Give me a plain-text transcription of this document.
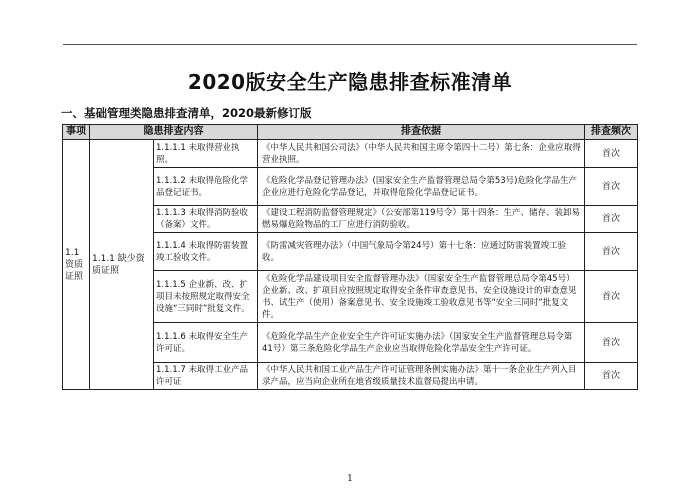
2020版安全生产隐患排查标准清单
一、基础管理类隐患排查清单，2020最新修订版
事项	隐患排查内容		排查依据	排查频次
1.1 资质证照	1.1.1 缺少资质证照	1.1.1.1 未取得营业执照。	《中华人民共和国公司法》（中华人民共和国主席令第四十二号）第七条：企业应取得营业执照。	首次
		1.1.1.2 未取得危险化学品登记证书。	《危险化学品登记管理办法》(国家安全生产监督管理总局令第53号)危险化学品生产企业应进行危险化学品登记，并取得危险化学品登记证书。	首次
		1.1.1.3 未取得消防验收（备案）文件。	《建设工程消防监督管理规定》（公安部第119号令）第十四条：生产、储存、装卸易燃易爆危险物品的工厂应进行消防验收。	首次
		1.1.1.4 未取得防雷装置竣工验收文件。	《防雷减灾管理办法》（中国气象局令第24号）第十七条：应通过防雷装置竣工验收。	首次
		1.1.1.5 企业新、改、扩项目未按照规定取得安全设施“三同时”批复文件。	《危险化学品建设项目安全监督管理办法》（国家安全生产监督管理总局令第45号）企业新、改、扩项目应按照规定取得安全条件审查意见书、安全设施设计的审查意见书、试生产（使用）备案意见书、安全设施竣工验收意见书等“安全三同时”批复文件。	首次
		1.1.1.6 未取得安全生产许可证。	《危险化学品生产企业安全生产许可证实施办法》（国家安全生产监督管理总局令第41号）第三条危险化学品生产企业应当取得危险化学品安全生产许可证。	首次
		1.1.1.7 未取得工业产品许可证	《中华人民共和国工业产品生产许可证管理条例实施办法》第十一条企业生产列入目录产品，应当向企业所在地省级质量技术监督局提出申请。	首次
1
